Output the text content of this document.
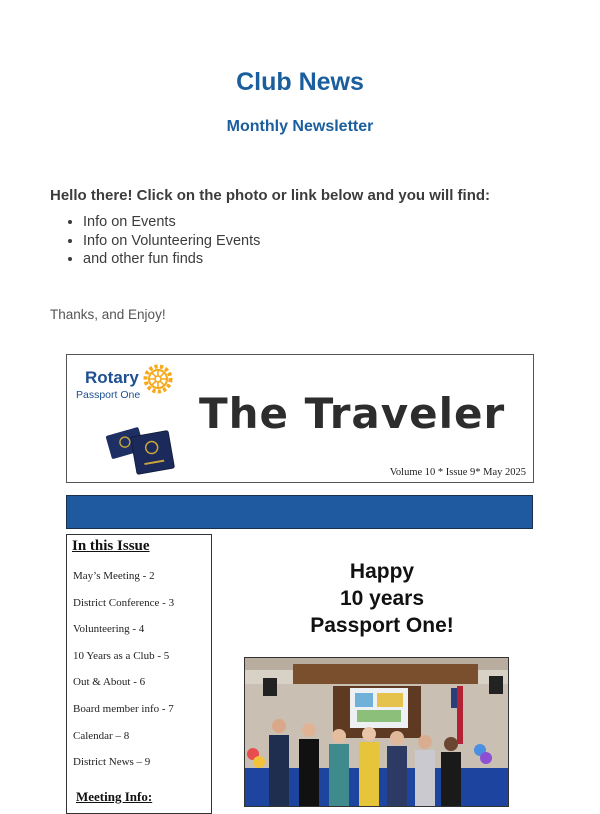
Club News
Monthly Newsletter
Hello there! Click on the photo or link below and you will find:
• Info on Events
• Info on Volunteering Events
• and other fun finds
Thanks, and Enjoy!
Rotary
Passport One The Traveler
Volume 10 * Issue 9* May 2025
In this Issue
May’s Meeting - 2
District Conference - 3
Volunteering - 4
10 Years as a Club - 5
Out & About - 6
Board member info - 7
Calendar – 8
District News – 9
Meeting Info:
Happy
10 years
Passport One!
